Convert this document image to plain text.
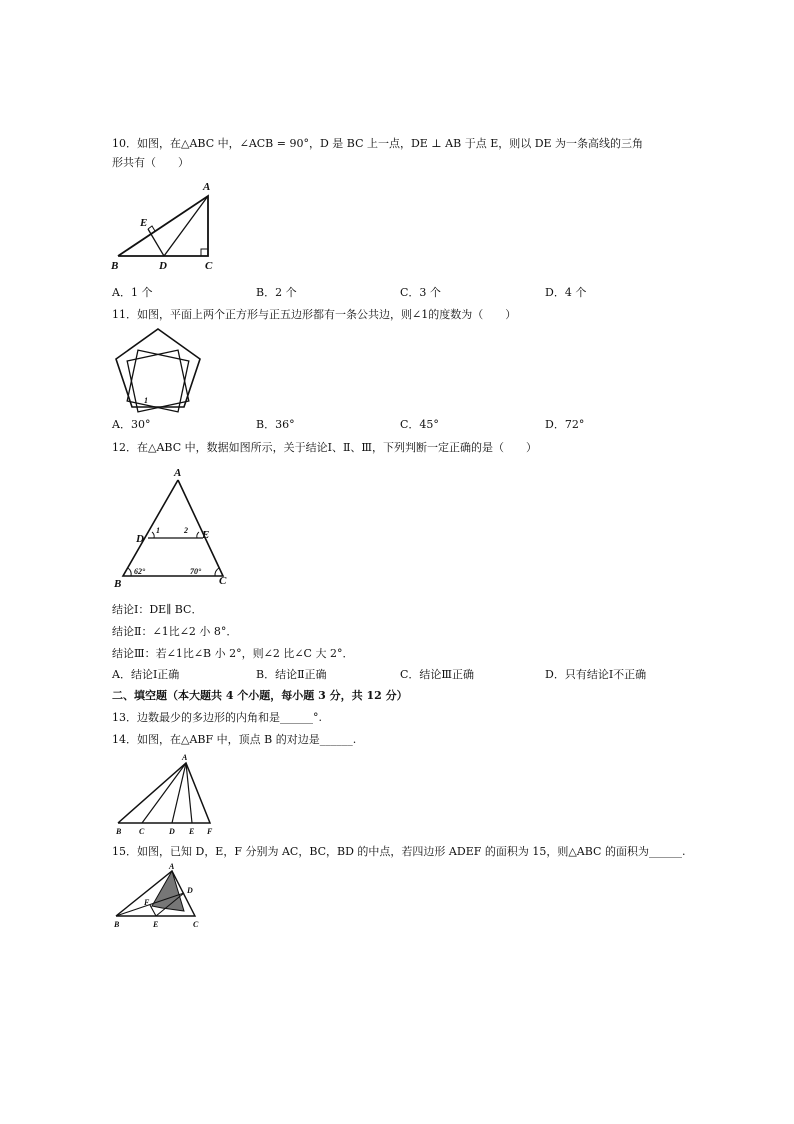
10．如图，在△ABC 中，∠ACB = 90°，D 是 BC 上一点，DE ⊥ AB 于点 E，则以 DE 为一条高线的三角
形共有（　　）
A
E
B	D	C
A．1 个	B．2 个	C．3 个	D．4 个
11．如图，平面上两个正方形与正五边形都有一条公共边，则∠1的度数为（　　）
1
A．30°	B．36°	C．45°	D．72°
12．在△ABC 中，数据如图所示，关于结论Ⅰ、Ⅱ、Ⅲ，下列判断一定正确的是（　　）
A
D	E
1	2
B	C
62°	70°
结论Ⅰ：DE∥ BC．
结论Ⅱ：∠1比∠2 小 8°．
结论Ⅲ：若∠1比∠B 小 2°，则∠2 比∠C 大 2°．
A．结论Ⅰ正确	B．结论Ⅱ正确	C．结论Ⅲ正确	D．只有结论Ⅰ不正确
二、填空题（本大题共 4 个小题，每小题 3 分，共 12 分）
13．边数最少的多边形的内角和是______°.
14．如图，在△ABF 中，顶点 B 的对边是______.
A
B C	D E F
15．如图，已知 D，E，F 分别为 AC，BC，BD 的中点，若四边形 ADEF 的面积为 15，则△ABC 的面积为______.
A
D
F
B	E	C
